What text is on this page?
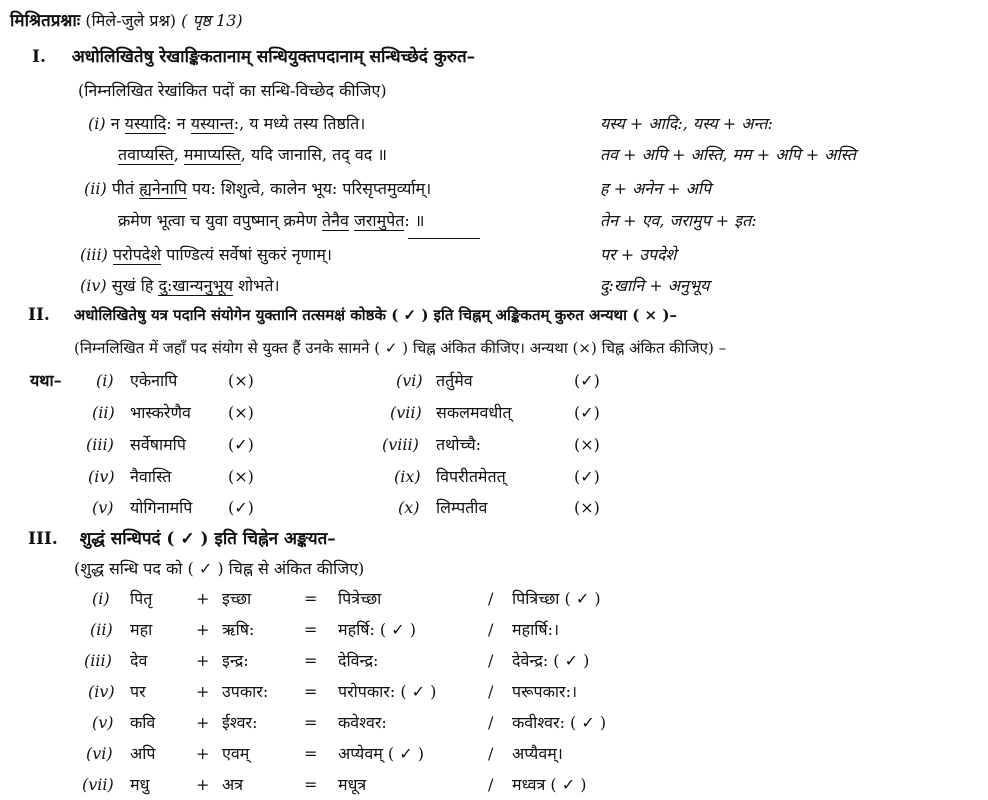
मिश्रितप्रश्नाः (मिले-जुले प्रश्न) ( पृष्ठ 13)
I. अधोलिखितेषु रेखाङ्किकतानाम् सन्धियुक्तपदानाम् सन्धिच्छेदं कुरुत–
(निम्नलिखित रेखांकित पदों का सन्धि-विच्छेद कीजिए)
(i) न यस्यादि: न यस्यान्त:, य मध्ये तस्य तिष्ठति।	यस्य + आदि:, यस्य + अन्त:
तवाप्यस्ति, ममाप्यस्ति, यदि जानासि, तद् वद ॥	तव + अपि + अस्ति, मम + अपि + अस्ति
(ii) पीतं ह्यनेनापि पय: शिशुत्वे, कालेन भूय: परिसृप्तमुर्व्याम्।	ह + अनेन + अपि
क्रमेण भूत्वा च युवा वपुष्मान् क्रमेण तेनैव जरामुपेत: ॥	तेन + एव, जरामुप + इत:
(iii) परोपदेशे पाण्डित्यं सर्वेषां सुकरं नृणाम्।	पर + उपदेशे
(iv) सुखं हि दु:खान्यनुभूय शोभते।	दु:खानि + अनुभूय
II. अधोलिखितेषु यत्र पदानि संयोगेन युक्तानि तत्समक्षं कोष्ठके ( ✓ ) इति चिह्नम् अङ्किकतम् कुरुत अन्यथा ( × )–
(निम्नलिखित में जहाँ पद संयोग से युक्त हैं उनके सामने ( ✓ ) चिह्न अंकित कीजिए। अन्यथा (×) चिह्न अंकित कीजिए) –
यथा– (i) एकेनापि	(×)
(ii) भास्करेणैव (×)
(iii) सर्वेषामपि	(✓)
(iv) नैवास्ति	(×)
(v) योगिनामपि (✓)
(vi) तर्तुमेव	(✓)
(vii) सकलमवधीत्	(✓)
(viii) तथोच्चै:	(×)
(ix) विपरीतमेतत्	(✓)
(x) लिम्पतीव	(×)
III. शुद्धं सन्धिपदं ( ✓ ) इति चिह्नेन अङ्कयत–
(शुद्ध सन्धि पद को ( ✓ ) चिह्न से अंकित कीजिए)
(i) पितृ	+ इच्छा	= पित्रेच्छा	/ पित्रिच्छा ( ✓ )
(ii) महा	+ ऋषि:	= महर्षि: ( ✓ )	/ महार्षि:।
(iii) देव	+ इन्द्र:	= देविन्द्र:	/ देवेन्द्र: ( ✓ )
(iv) पर	+ उपकार: = परोपकार: ( ✓ )	/ परूपकार:।
(v) कवि	+ ईश्वर:	= कवेश्वर:	/ कवीश्वर: ( ✓ )
(vi) अपि	+ एवम्	= अप्येवम् ( ✓ )	/ अप्यैवम्।
(vii) मधु	+ अत्र	= मधूत्र	/ मध्वत्र ( ✓ )
